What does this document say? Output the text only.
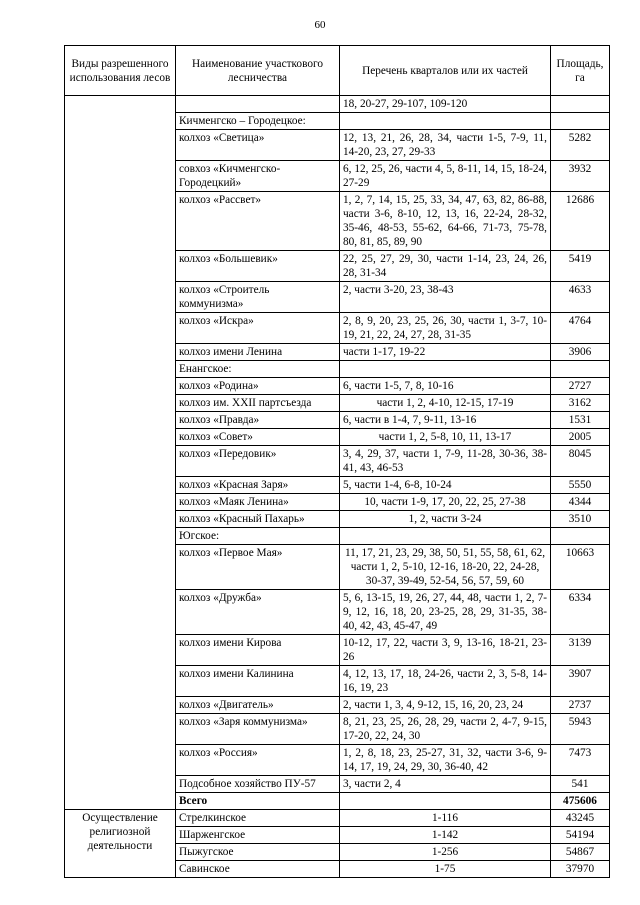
60
Виды разрешенного использования лесов	Наименование участкового лесничества	Перечень кварталов или их частей	Площадь, га
		18, 20-27, 29-107, 109-120	
	Кичменгско – Городецкое:		
	колхоз «Светица»	12, 13, 21, 26, 28, 34, части 1-5, 7-9, 11, 14-20, 23, 27, 29-33	5282
	совхоз «Кичменгско-Городецкий»	6, 12, 25, 26, части 4, 5, 8-11, 14, 15, 18-24, 27-29	3932
	колхоз «Рассвет»	1, 2, 7, 14, 15, 25, 33, 34, 47, 63, 82, 86-88, части 3-6, 8-10, 12, 13, 16, 22-24, 28-32, 35-46, 48-53, 55-62, 64-66, 71-73, 75-78, 80, 81, 85, 89, 90	12686
	колхоз «Большевик»	22, 25, 27, 29, 30, части 1-14, 23, 24, 26, 28, 31-34	5419
	колхоз «Строитель коммунизма»	2, части 3-20, 23, 38-43	4633
	колхоз «Искра»	2, 8, 9, 20, 23, 25, 26, 30, части 1, 3-7, 10-19, 21, 22, 24, 27, 28, 31-35	4764
	колхоз имени Ленина	части 1-17, 19-22	3906
	Енангское:		
	колхоз «Родина»	6, части 1-5, 7, 8, 10-16	2727
	колхоз им. XXII партсъезда	части 1, 2, 4-10, 12-15, 17-19	3162
	колхоз «Правда»	6, части в 1-4, 7, 9-11, 13-16	1531
	колхоз «Совет»	части 1, 2, 5-8, 10, 11, 13-17	2005
	колхоз «Передовик»	3, 4, 29, 37, части 1, 7-9, 11-28, 30-36, 38-41, 43, 46-53	8045
	колхоз «Красная Заря»	5, части 1-4, 6-8, 10-24	5550
	колхоз «Маяк Ленина»	10, части 1-9, 17, 20, 22, 25, 27-38	4344
	колхоз «Красный Пахарь»	1, 2, части 3-24	3510
	Югское:		
	колхоз «Первое Мая»	11, 17, 21, 23, 29, 38, 50, 51, 55, 58, 61, 62, части 1, 2, 5-10, 12-16, 18-20, 22, 24-28, 30-37, 39-49, 52-54, 56, 57, 59, 60	10663
	колхоз «Дружба»	5, 6, 13-15, 19, 26, 27, 44, 48, части 1, 2, 7-9, 12, 16, 18, 20, 23-25, 28, 29, 31-35, 38-40, 42, 43, 45-47, 49	6334
	колхоз имени Кирова	10-12, 17, 22, части 3, 9, 13-16, 18-21, 23-26	3139
	колхоз имени Калинина	4, 12, 13, 17, 18, 24-26, части 2, 3, 5-8, 14-16, 19, 23	3907
	колхоз «Двигатель»	2, части 1, 3, 4, 9-12, 15, 16, 20, 23, 24	2737
	колхоз «Заря коммунизма»	8, 21, 23, 25, 26, 28, 29, части 2, 4-7, 9-15, 17-20, 22, 24, 30	5943
	колхоз «Россия»	1, 2, 8, 18, 23, 25-27, 31, 32, части 3-6, 9-14, 17, 19, 24, 29, 30, 36-40, 42	7473
	Подсобное хозяйство ПУ-57	3, части 2, 4	541
	Всего		475606
Осуществление религиозной деятельности	Стрелкинское	1-116	43245
	Шарженгское	1-142	54194
	Пыжугское	1-256	54867
	Савинское	1-75	37970
